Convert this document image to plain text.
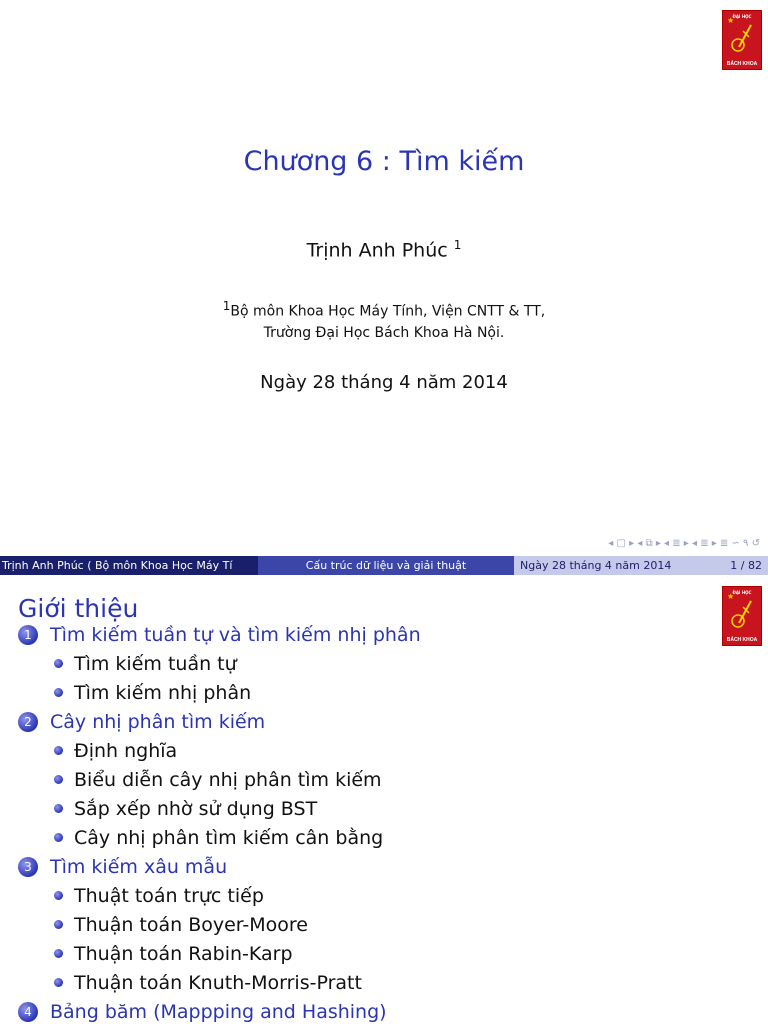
★
ĐẠI HỌC
BÁCH KHOA
Chương 6 : Tìm kiếm
Trịnh Anh Phúc $^1$
$^1$Bộ môn Khoa Học Máy Tính, Viện CNTT & TT,
Trường Đại Học Bách Khoa Hà Nội.
Ngày 28 tháng 4 năm 2014
◂ ▢ ▸ ◂ ⧉ ▸ ◂ ≣ ▸ ◂ ≣ ▸ ≣ ∽ ۹ ↺
Trịnh Anh Phúc ( Bộ môn Khoa Học Máy Tí	Cấu trúc dữ liệu và giải thuật	Ngày 28 tháng 4 năm 2014	1 / 82
★
ĐẠI HỌC
BÁCH KHOA
Giới thiệu
1 Tìm kiếm tuần tự và tìm kiếm nhị phân
Tìm kiếm tuần tự
Tìm kiếm nhị phân
2 Cây nhị phân tìm kiếm
Định nghĩa
Biểu diễn cây nhị phân tìm kiếm
Sắp xếp nhờ sử dụng BST
Cây nhị phân tìm kiếm cân bằng
3 Tìm kiếm xâu mẫu
Thuật toán trực tiếp
Thuận toán Boyer-Moore
Thuận toán Rabin-Karp
Thuận toán Knuth-Morris-Pratt
4 Bảng băm (Mappping and Hashing)
